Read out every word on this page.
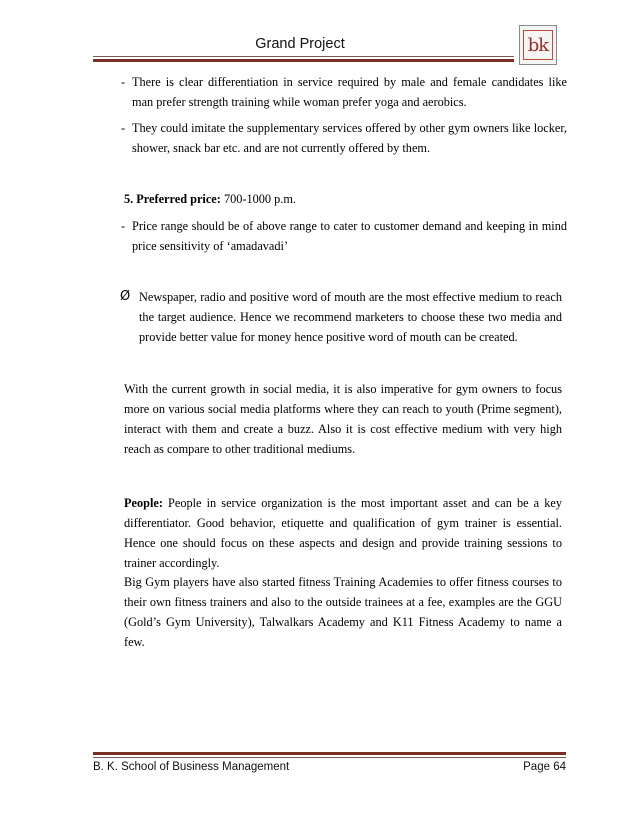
Grand Project	bk
- There is clear differentiation in service required by male and female candidates like man prefer strength training while woman prefer yoga and aerobics.
- They could imitate the supplementary services offered by other gym owners like locker, shower, snack bar etc. and are not currently offered by them.
5. Preferred price: 700-1000 p.m.
- Price range should be of above range to cater to customer demand and keeping in mind price sensitivity of ‘amadavadi’
Ø Newspaper, radio and positive word of mouth are the most effective medium to reach the target audience. Hence we recommend marketers to choose these two media and provide better value for money hence positive word of mouth can be created.
With the current growth in social media, it is also imperative for gym owners to focus more on various social media platforms where they can reach to youth (Prime segment), interact with them and create a buzz. Also it is cost effective medium with very high reach as compare to other traditional mediums.
People: People in service organization is the most important asset and can be a key differentiator. Good behavior, etiquette and qualification of gym trainer is essential. Hence one should focus on these aspects and design and provide training sessions to trainer accordingly.
Big Gym players have also started fitness Training Academies to offer fitness courses to their own fitness trainers and also to the outside trainees at a fee, examples are the GGU (Gold’s Gym University), Talwalkars Academy and K11 Fitness Academy to name a few.
B. K. School of Business Management	Page 64
